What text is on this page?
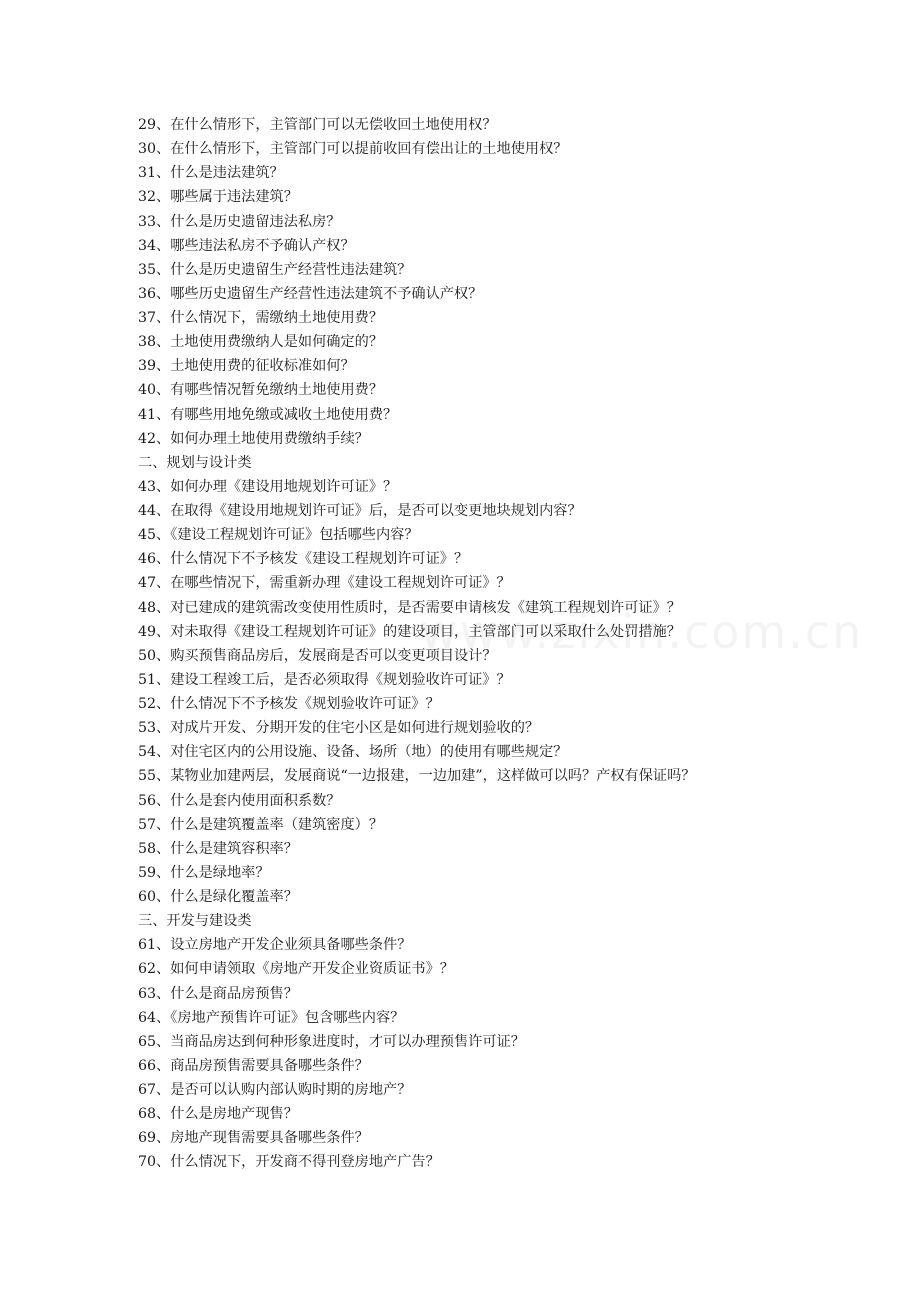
29、在什么情形下，主管部门可以无偿收回土地使用权？
30、在什么情形下，主管部门可以提前收回有偿出让的土地使用权？
31、什么是违法建筑？
32、哪些属于违法建筑？
33、什么是历史遗留违法私房？
34、哪些违法私房不予确认产权？
35、什么是历史遗留生产经营性违法建筑？
36、哪些历史遗留生产经营性违法建筑不予确认产权？
37、什么情况下，需缴纳土地使用费？
38、土地使用费缴纳人是如何确定的？
39、土地使用费的征收标准如何？
40、有哪些情况暂免缴纳土地使用费？
41、有哪些用地免缴或减收土地使用费？
42、如何办理土地使用费缴纳手续？
二、规划与设计类
43、如何办理《建设用地规划许可证》？
44、在取得《建设用地规划许可证》后，是否可以变更地块规划内容？
45、《建设工程规划许可证》包括哪些内容？
46、什么情况下不予核发《建设工程规划许可证》？
47、在哪些情况下，需重新办理《建设工程规划许可证》？
48、对已建成的建筑需改变使用性质时，是否需要申请核发《建筑工程规划许可证》？
49、对未取得《建设工程规划许可证》的建设项目，主管部门可以采取什么处罚措施？
50、购买预售商品房后，发展商是否可以变更项目设计？
51、建设工程竣工后，是否必须取得《规划验收许可证》？
52、什么情况下不予核发《规划验收许可证》？
53、对成片开发、分期开发的住宅小区是如何进行规划验收的？
54、对住宅区内的公用设施、设备、场所（地）的使用有哪些规定？
55、某物业加建两层，发展商说“一边报建，一边加建”，这样做可以吗？产权有保证吗？
56、什么是套内使用面积系数？
57、什么是建筑覆盖率（建筑密度）？
58、什么是建筑容积率？
59、什么是绿地率？
60、什么是绿化覆盖率？
三、开发与建设类
61、设立房地产开发企业须具备哪些条件？
62、如何申请领取《房地产开发企业资质证书》？
63、什么是商品房预售？
64、《房地产预售许可证》包含哪些内容？
65、当商品房达到何种形象进度时，才可以办理预售许可证？
66、商品房预售需要具备哪些条件？
67、是否可以认购内部认购时期的房地产？
68、什么是房地产现售？
69、房地产现售需要具备哪些条件？
70、什么情况下，开发商不得刊登房地产广告？
